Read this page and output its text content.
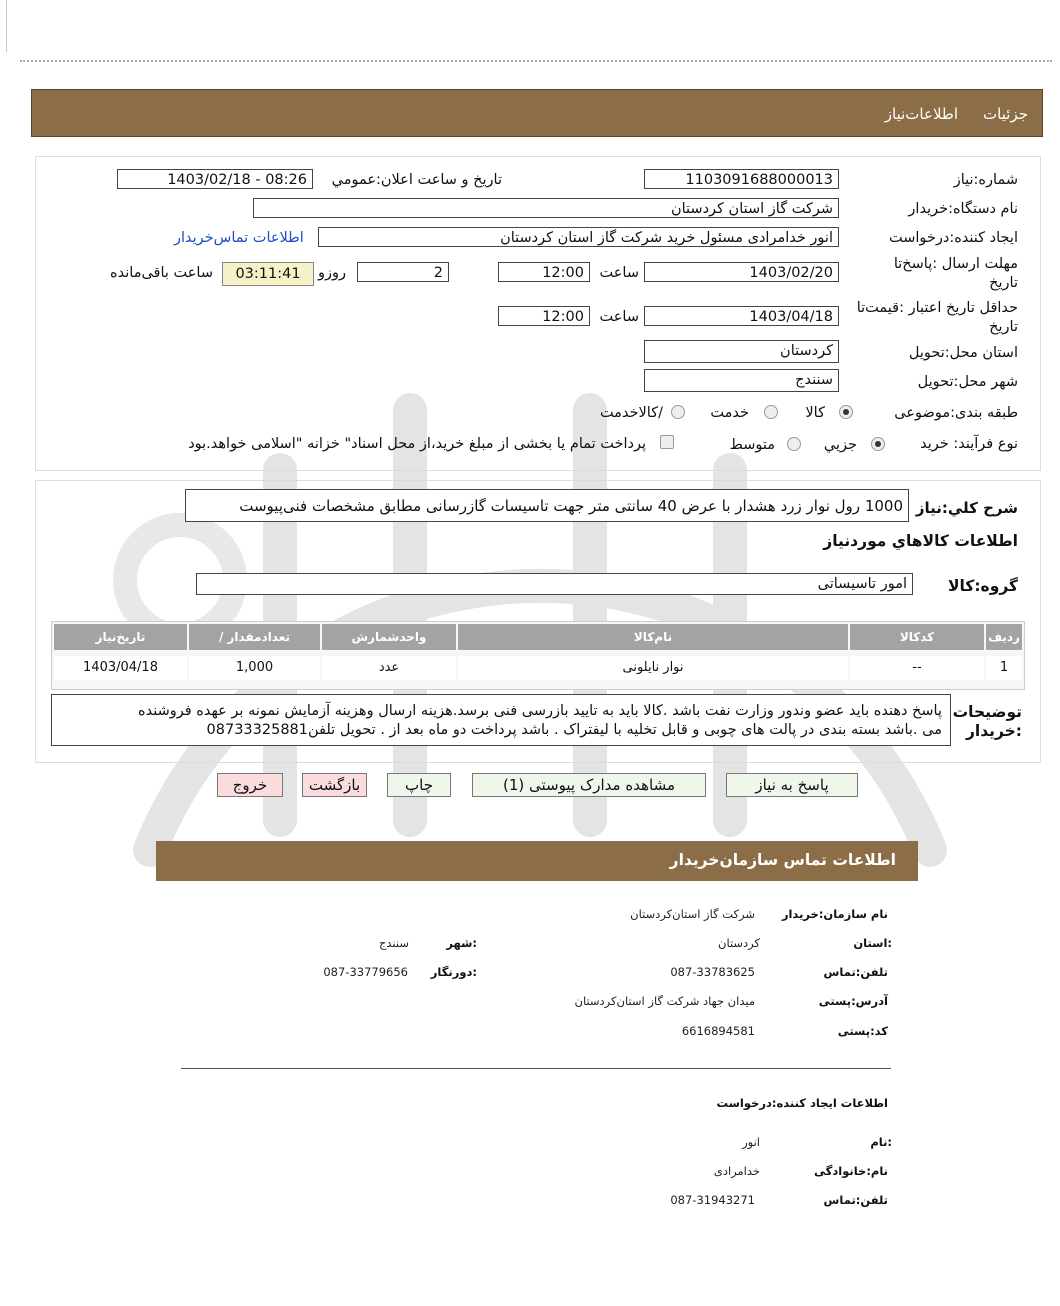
جزئیات
اطلاعات‌نیاز
شماره:نیاز
1103091688000013
تاریخ و ساعت اعلان:عمومي
1403/02/18 - 08:26
نام دستگاه:خریدار
شرکت گاز استان کردستان
ایجاد کننده:درخواست
انور خدامرادی مسئول خرید شرکت گاز استان کردستان
اطلاعات تماس‌خریدار
مهلت ارسال :پاسخ‌تا
تاریخ
1403/02/20
ساعت
12:00
2
روزو
03:11:41
ساعت باقی‌مانده
حداقل تاریخ اعتبار :قیمت‌تا
تاریخ
1403/04/18
ساعت
12:00
استان محل:تحویل
کردستان
شهر محل:تحویل
سنندج
طبقه بندی:موضوعی
کالا
خدمت
/کالاخدمت
نوع فرآیند: خرید
جزيي
متوسط
پرداخت تمام یا بخشی از مبلغ خرید،از محل اسناد" خزانه "اسلامی خواهد.بود
شرح كلي:نياز
1000 رول نوار زرد هشدار با عرض 40 سانتی متر جهت تاسیسات گازرسانی مطابق مشخصات فنی‌پیوست
اطلاعات كالاهاي موردنياز
گروه:كالا
امور تاسیساتی
رديف
كدكالا
نام‌كالا
واحدشمارش
/ تعدادمقدار
تاريخ‌نياز
1
--
نوار نایلونی
عدد
1,000
1403/04/18
توضیحات
:خریدار
پاسخ دهنده باید عضو وندور وزارت نفت باشد .کالا باید به تایید بازرسی فنی برسد.هزینه ارسال وهزینه آزمایش نمونه بر عهده فروشنده
می .باشد بسته بندی در پالت های چوبی و قابل تخلیه با لیفتراک . باشد پرداخت دو ماه بعد از . تحویل تلفن08733325881
پاسخ به نیاز
مشاهده مدارک پیوستی (1)
چاپ
بازگشت
خروج
اطلاعات تماس سازمان‌خریدار
نام سازمان:خریدار
شرکت گاز استان‌کردستان
:استان
کردستان
:شهر
سنندج
تلفن:تماس
087-33783625
:دورنگار
087-33779656
آدرس:پستی
میدان جهاد شرکت گاز استان‌کردستان
کد:پستی
6616894581
اطلاعات ایجاد کننده:درخواست
:نام
انور
نام:خانوادگی
خدامرادی
تلفن:تماس
087-31943271
